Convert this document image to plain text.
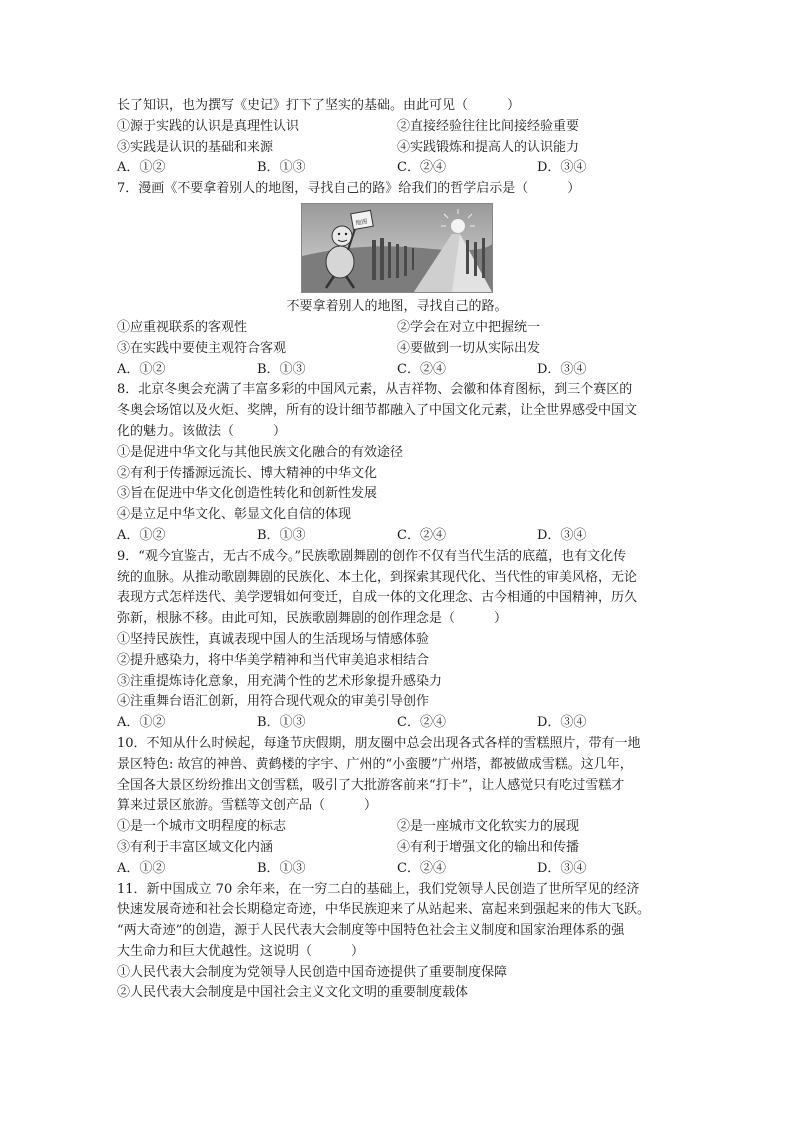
长了知识，也为撰写《史记》打下了坚实的基础。由此可见（　　　）
①源于实践的认识是真理性认识	②直接经验往往比间接经验重要
③实践是认识的基础和来源	④实践锻炼和提高人的认识能力
A．①②	B．①③	C．②④	D．③④
7．漫画《不要拿着别人的地图，寻找自己的路》给我们的哲学启示是（　　　）
地图
不要拿着别人的地图，寻找自己的路。
①应重视联系的客观性	②学会在对立中把握统一
③在实践中要使主观符合客观	④要做到一切从实际出发
A．①②	B．①③	C．②④	D．③④
8．北京冬奥会充满了丰富多彩的中国风元素，从吉祥物、会徽和体育图标，到三个赛区的
冬奥会场馆以及火炬、奖牌，所有的设计细节都融入了中国文化元素，让全世界感受中国文
化的魅力。该做法（　　　）
①是促进中华文化与其他民族文化融合的有效途径
②有利于传播源远流长、博大精神的中华文化
③旨在促进中华文化创造性转化和创新性发展
④是立足中华文化、彰显文化自信的体现
A．①②	B．①③	C．②④	D．③④
9．“观今宜鉴古，无古不成今。”民族歌剧舞剧的创作不仅有当代生活的底蕴，也有文化传
统的血脉。从推动歌剧舞剧的民族化、本土化，到探索其现代化、当代性的审美风格，无论
表现方式怎样迭代、美学逻辑如何变迁，自成一体的文化理念、古今相通的中国精神，历久
弥新，根脉不移。由此可知，民族歌剧舞剧的创作理念是（　　　）
①坚持民族性，真诚表现中国人的生活现场与情感体验
②提升感染力，将中华美学精神和当代审美追求相结合
③注重提炼诗化意象，用充满个性的艺术形象提升感染力
④注重舞台语汇创新，用符合现代观众的审美引导创作
A．①②	B．①③	C．②④	D．③④
10．不知从什么时候起，每逢节庆假期，朋友圈中总会出现各式各样的雪糕照片，带有一地
景区特色: 故宫的神兽、黄鹤楼的字宇、广州的“小蛮腰”广州塔，都被做成雪糕。这几年，
全国各大景区纷纷推出文创雪糕，吸引了大批游客前来“打卡”，让人感觉只有吃过雪糕才
算来过景区旅游。雪糕等文创产品（　　　）
①是一个城市文明程度的标志	②是一座城市文化软实力的展现
③有利于丰富区域文化内涵	④有利于增强文化的输出和传播
A．①②	B．①③	C．②④	D．③④
11．新中国成立 70 余年来，在一穷二白的基础上，我们党领导人民创造了世所罕见的经济
快速发展奇迹和社会长期稳定奇迹，中华民族迎来了从站起来、富起来到强起来的伟大飞跃。
“两大奇迹”的创造，源于人民代表大会制度等中国特色社会主义制度和国家治理体系的强
大生命力和巨大优越性。这说明（　　　）
①人民代表大会制度为党领导人民创造中国奇迹提供了重要制度保障
②人民代表大会制度是中国社会主义文化文明的重要制度载体
